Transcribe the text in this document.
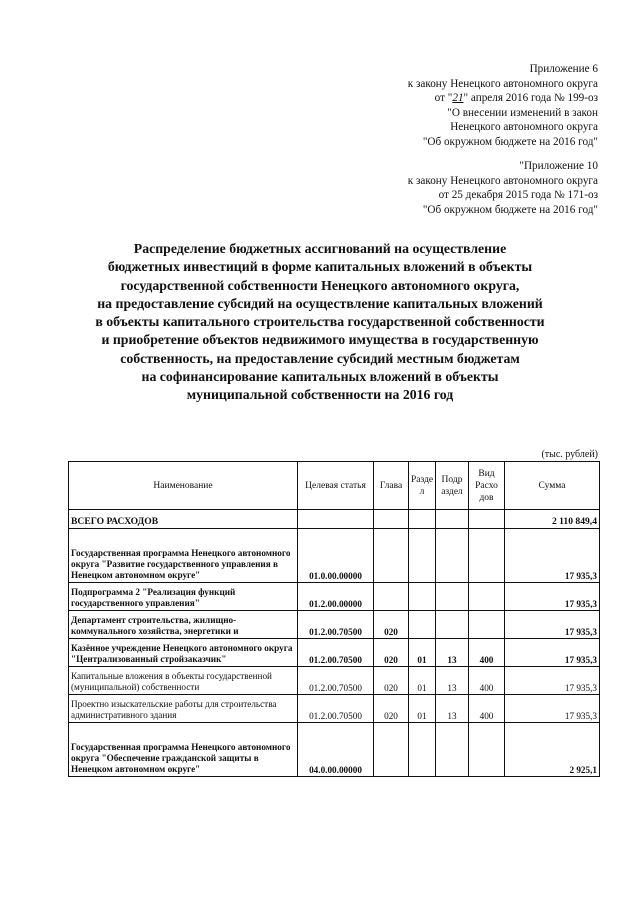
Приложение 6
к закону Ненецкого автономного округа
от "21" апреля 2016 года № 199-оз
"О внесении изменений в закон
Ненецкого автономного округа
"Об окружном бюджете на 2016 год"
"Приложение 10
к закону Ненецкого автономного округа
от 25 декабря 2015 года № 171-оз
"Об окружном бюджете на 2016 год"
Распределение бюджетных ассигнований на осуществление
бюджетных инвестиций в форме капитальных вложений в объекты
государственной собственности Ненецкого автономного округа,
на предоставление субсидий на осуществление капитальных вложений
в объекты капитального строительства государственной собственности
и приобретение объектов недвижимого имущества в государственную
собственность, на предоставление субсидий местным бюджетам
на софинансирование капитальных вложений в объекты
муниципальной собственности на 2016 год
(тыс. рублей)
Наименование	Целевая статья	Глава	Разде л	Подр аздел	Вид Расхо дов	Сумма
ВСЕГО РАСХОДОВ						2 110 849,4
Государственная программа Ненецкого автономного округа "Развитие государственного управления в Ненецком автономном округе"	01.0.00.00000					17 935,3
Подпрограмма 2 "Реализация функций государственного управления"	01.2.00.00000					17 935,3
Департамент строительства, жилищно-коммунального хозяйства, энергетики и	01.2.00.70500	020				17 935,3
Казённое учреждение Ненецкого автономного округа "Централизованный стройзаказчик"	01.2.00.70500	020	01	13	400	17 935,3
Капитальные вложения в объекты государственной (муниципальной) собственности	01.2.00.70500	020	01	13	400	17 935,3
Проектно изыскательские работы для строительства административного здания	01.2.00.70500	020	01	13	400	17 935,3
Государственная программа Ненецкого автономного округа "Обеспечение гражданской защиты в Ненецком автономном округе"	04.0.00.00000					2 925,1
